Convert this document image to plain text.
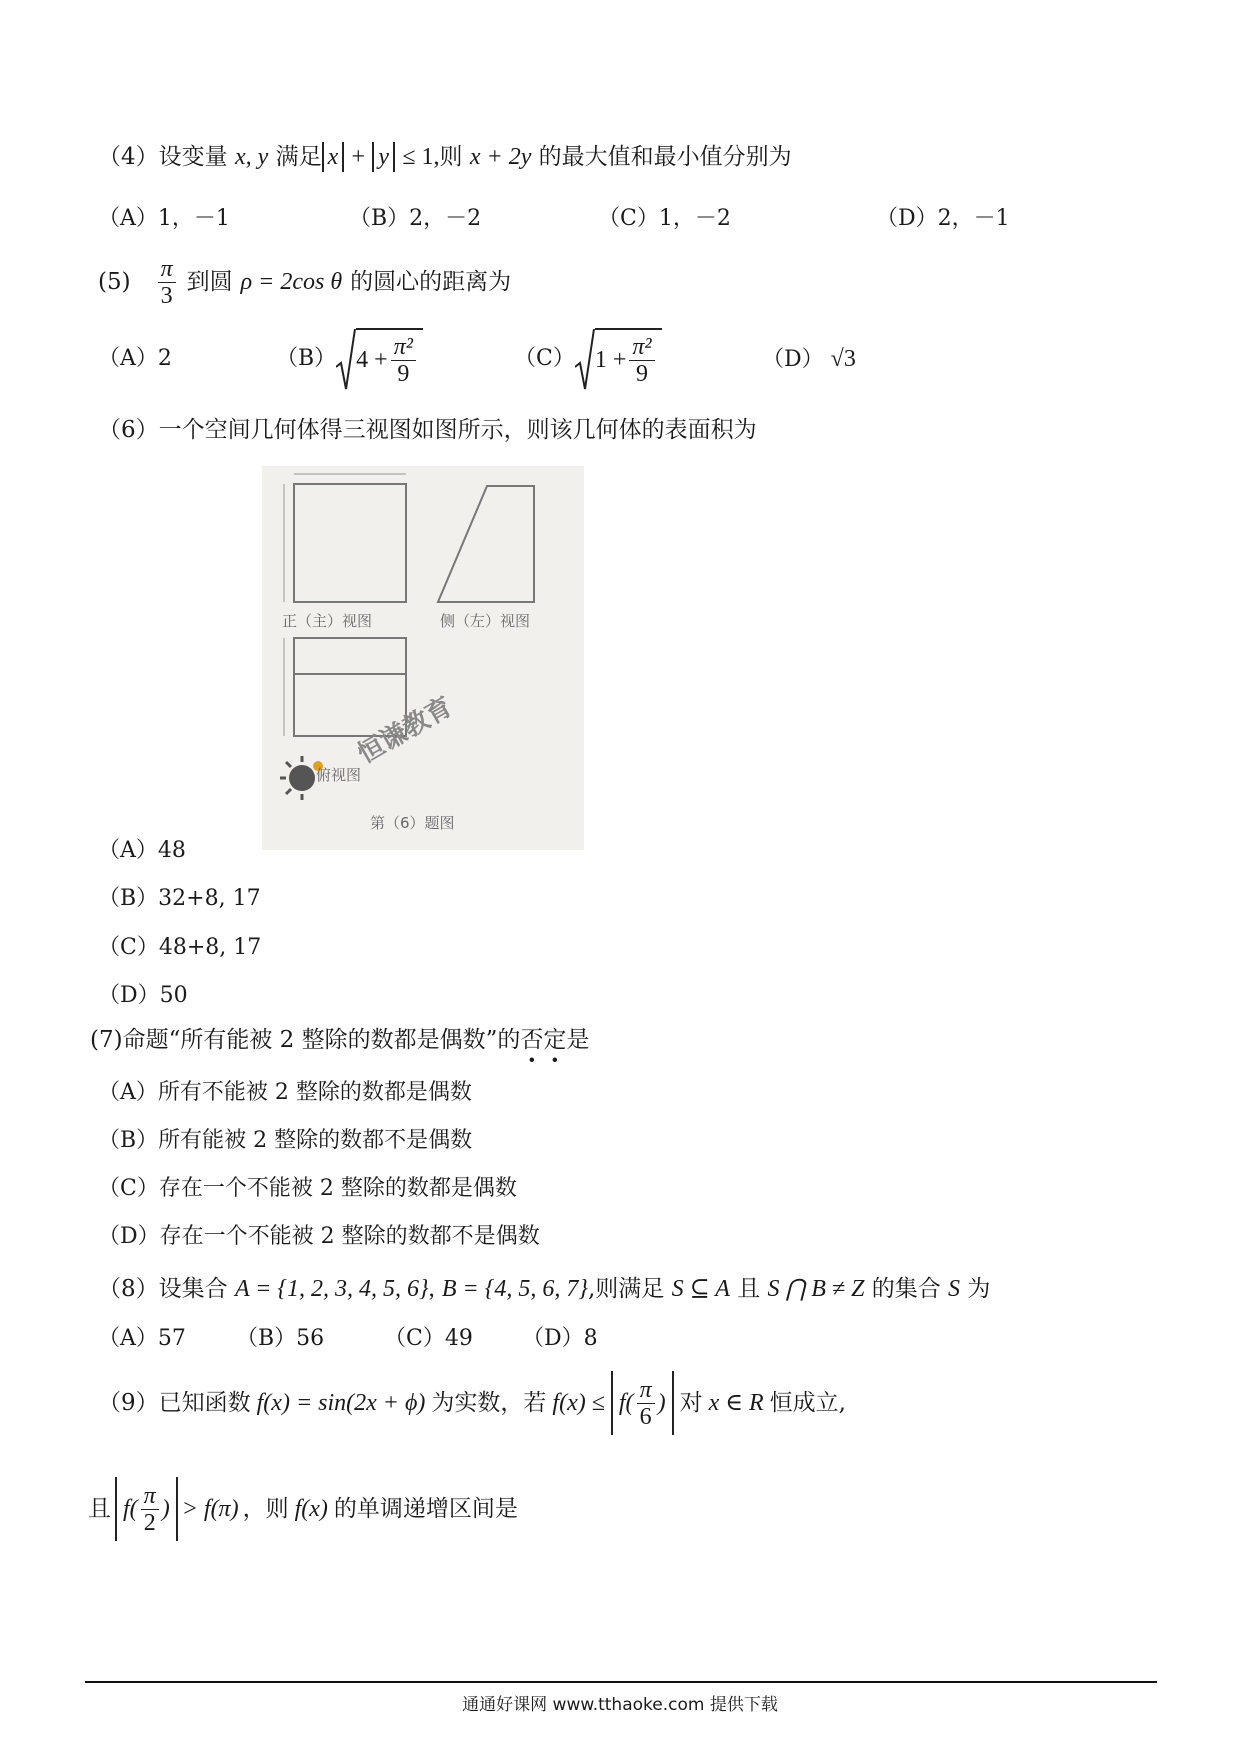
（4）设变量 x, y 满足 x + y ≤ 1,则 x + 2y 的最大值和最小值分别为
（A）1，－1	（B）2，－2	（C）1，－2	（D）2，－1
$(5) \frac{\pi}{3}$ 到圆 ρ = 2cos θ 的圆心的距离为
（A）2	（B） $4 + \frac{\text{π²}}{9}$	（C） $1 + \frac{\text{π²}}{9}$	（D） √3
（6）一个空间几何体得三视图如图所示，则该几何体的表面积为
正（主）视图	侧（左）视图
俯视图
恒谦教育
第（6）题图
（A）48
（B）32+8, 17
（C）48+8, 17
（D）50
(7)命题“所有能被 2 整除的数都是偶数”的否定是
（A）所有不能被 2 整除的数都是偶数
（B）所有能被 2 整除的数都不是偶数
（C）存在一个不能被 2 整除的数都是偶数
（D）存在一个不能被 2 整除的数都不是偶数
（8）设集合 A = {1, 2, 3, 4, 5, 6}, B = {4, 5, 6, 7},则满足 S ⊆ A 且 S ⋂ B ≠ Z 的集合 S 为
（A）57 （B）56	（C）49 （D）8
（9） 已知函数 f(x) = sin(2x + ϕ) 为实数，若 $f(x) \le f( \frac{\pi}{6}$ ) 对 x ∈ R 恒成立,
且 $f( \frac{\pi}{2}$ ) > f(π) ，则 f(x) 的单调递增区间是
通通好课网 www.tthaoke.com 提供下载
